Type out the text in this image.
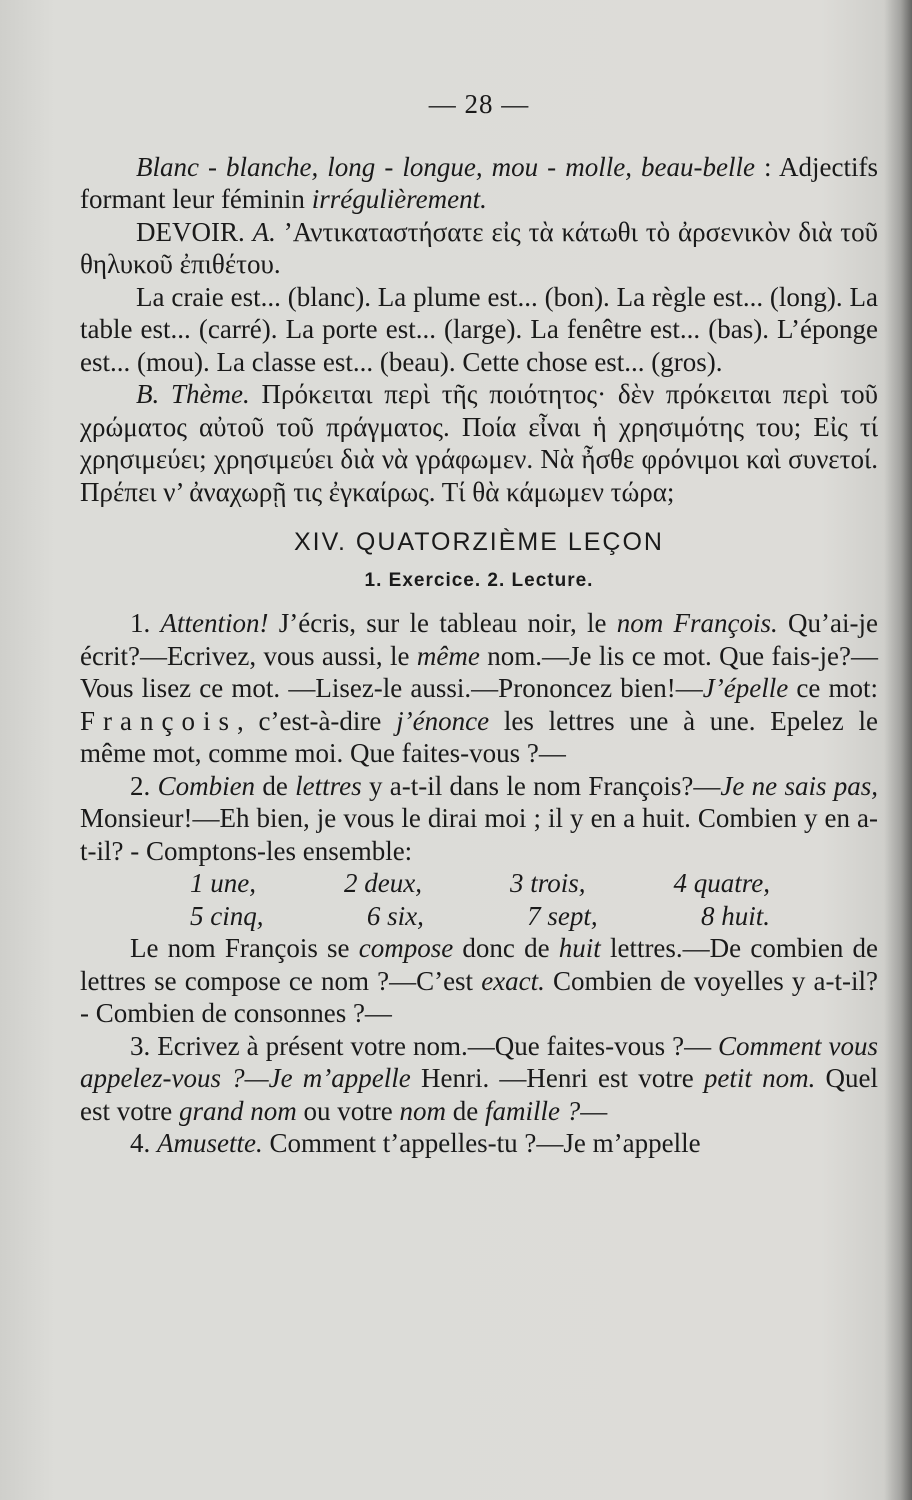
— 28 —

Blanc - blanche, long - longue, mou - molle, beau-belle : Adjectifs formant leur féminin irrégulièrement.

DEVOIR. A. ’Αντικαταστήσατε εἰς τὰ κάτωθι τὸ ἀρσενικὸν διὰ τοῦ θηλυκοῦ ἐπιθέτου.

La craie est... (blanc). La plume est... (bon). La règle est... (long). La table est... (carré). La porte est... (large). La fenêtre est... (bas). L’éponge est... (mou). La classe est... (beau). Cette chose est... (gros).

B. Thème. Πρόκειται περὶ τῆς ποιότητος· δὲν πρόκειται περὶ τοῦ χρώματος αὐτοῦ τοῦ πράγματος. Ποία εἶναι ἡ χρησιμότης του; Εἰς τί χρησιμεύει; χρησιμεύει διὰ νὰ γράφωμεν. Νὰ ἦσθε φρόνιμοι καὶ συνετοί. Πρέπει ν’ ἀναχωρῇ τις ἐγκαίρως. Τί θὰ κάμωμεν τώρα;

XIV. QUATORZIÈME LEÇON
1. Exercice. 2. Lecture.

1. Attention! J’écris, sur le tableau noir, le nom François. Qu’ai-je écrit?—Ecrivez, vous aussi, le même nom.—Je lis ce mot. Que fais-je?—Vous lisez ce mot. —Lisez-le aussi.—Prononcez bien!—J’épelle ce mot: François, c’est-à-dire j’énonce les lettres une à une. Epelez le même mot, comme moi. Que faites-vous ?—

2. Combien de lettres y a-t-il dans le nom François?—Je ne sais pas, Monsieur!—Eh bien, je vous le dirai moi ; il y en a huit. Combien y en a-t-il? - Comptons-les ensemble:

1 une,	2 deux,	3 trois,	4 quatre,
5 cinq,	6 six,	7 sept,	8 huit.

Le nom François se compose donc de huit lettres.—De combien de lettres se compose ce nom ?—C’est exact. Combien de voyelles y a-t-il? - Combien de consonnes ?—

3. Ecrivez à présent votre nom.—Que faites-vous ?— Comment vous appelez-vous ?—Je m’appelle Henri. —Henri est votre petit nom. Quel est votre grand nom ou votre nom de famille ?—

4. Amusette. Comment t’appelles-tu ?—Je m’appelle
